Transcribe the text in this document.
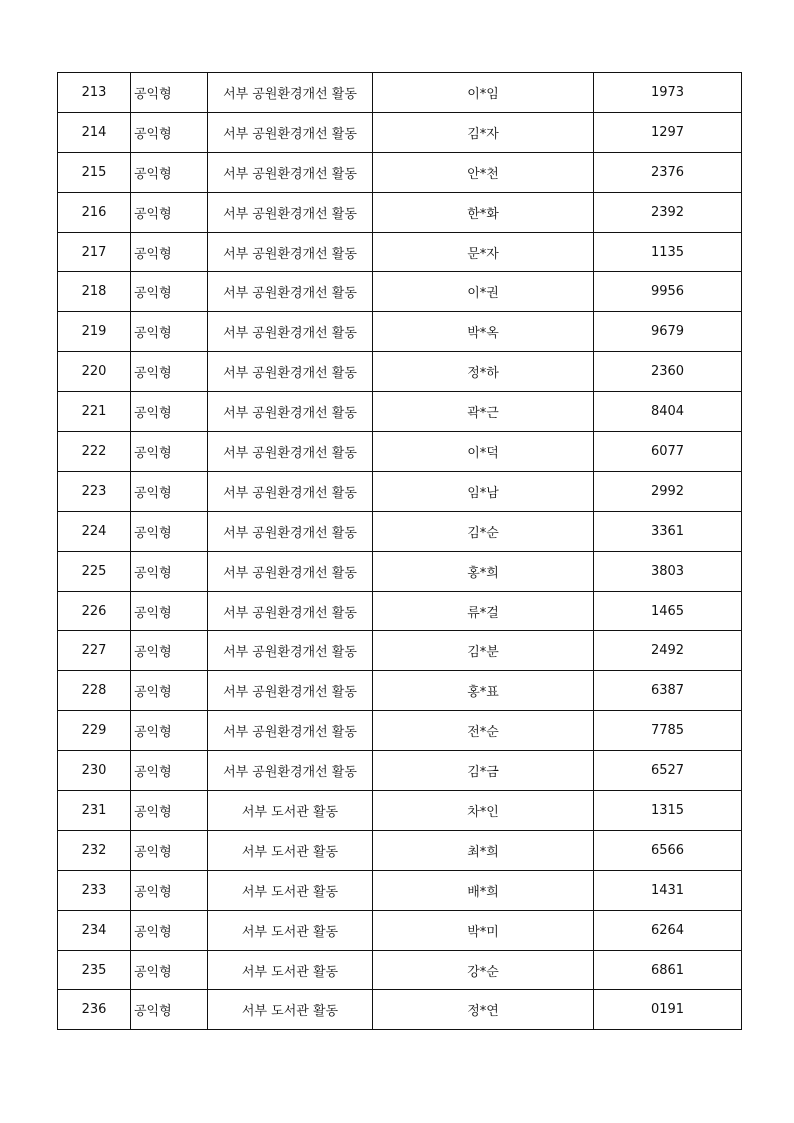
213	공익형	서부 공원환경개선 활동	이*임	1973
214	공익형	서부 공원환경개선 활동	김*자	1297
215	공익형	서부 공원환경개선 활동	안*천	2376
216	공익형	서부 공원환경개선 활동	한*화	2392
217	공익형	서부 공원환경개선 활동	문*자	1135
218	공익형	서부 공원환경개선 활동	이*권	9956
219	공익형	서부 공원환경개선 활동	박*옥	9679
220	공익형	서부 공원환경개선 활동	정*하	2360
221	공익형	서부 공원환경개선 활동	곽*근	8404
222	공익형	서부 공원환경개선 활동	이*덕	6077
223	공익형	서부 공원환경개선 활동	임*남	2992
224	공익형	서부 공원환경개선 활동	김*순	3361
225	공익형	서부 공원환경개선 활동	홍*희	3803
226	공익형	서부 공원환경개선 활동	류*걸	1465
227	공익형	서부 공원환경개선 활동	김*분	2492
228	공익형	서부 공원환경개선 활동	홍*표	6387
229	공익형	서부 공원환경개선 활동	전*순	7785
230	공익형	서부 공원환경개선 활동	김*금	6527
231	공익형	서부 도서관 활동	차*인	1315
232	공익형	서부 도서관 활동	최*희	6566
233	공익형	서부 도서관 활동	배*희	1431
234	공익형	서부 도서관 활동	박*미	6264
235	공익형	서부 도서관 활동	강*순	6861
236	공익형	서부 도서관 활동	정*연	0191
